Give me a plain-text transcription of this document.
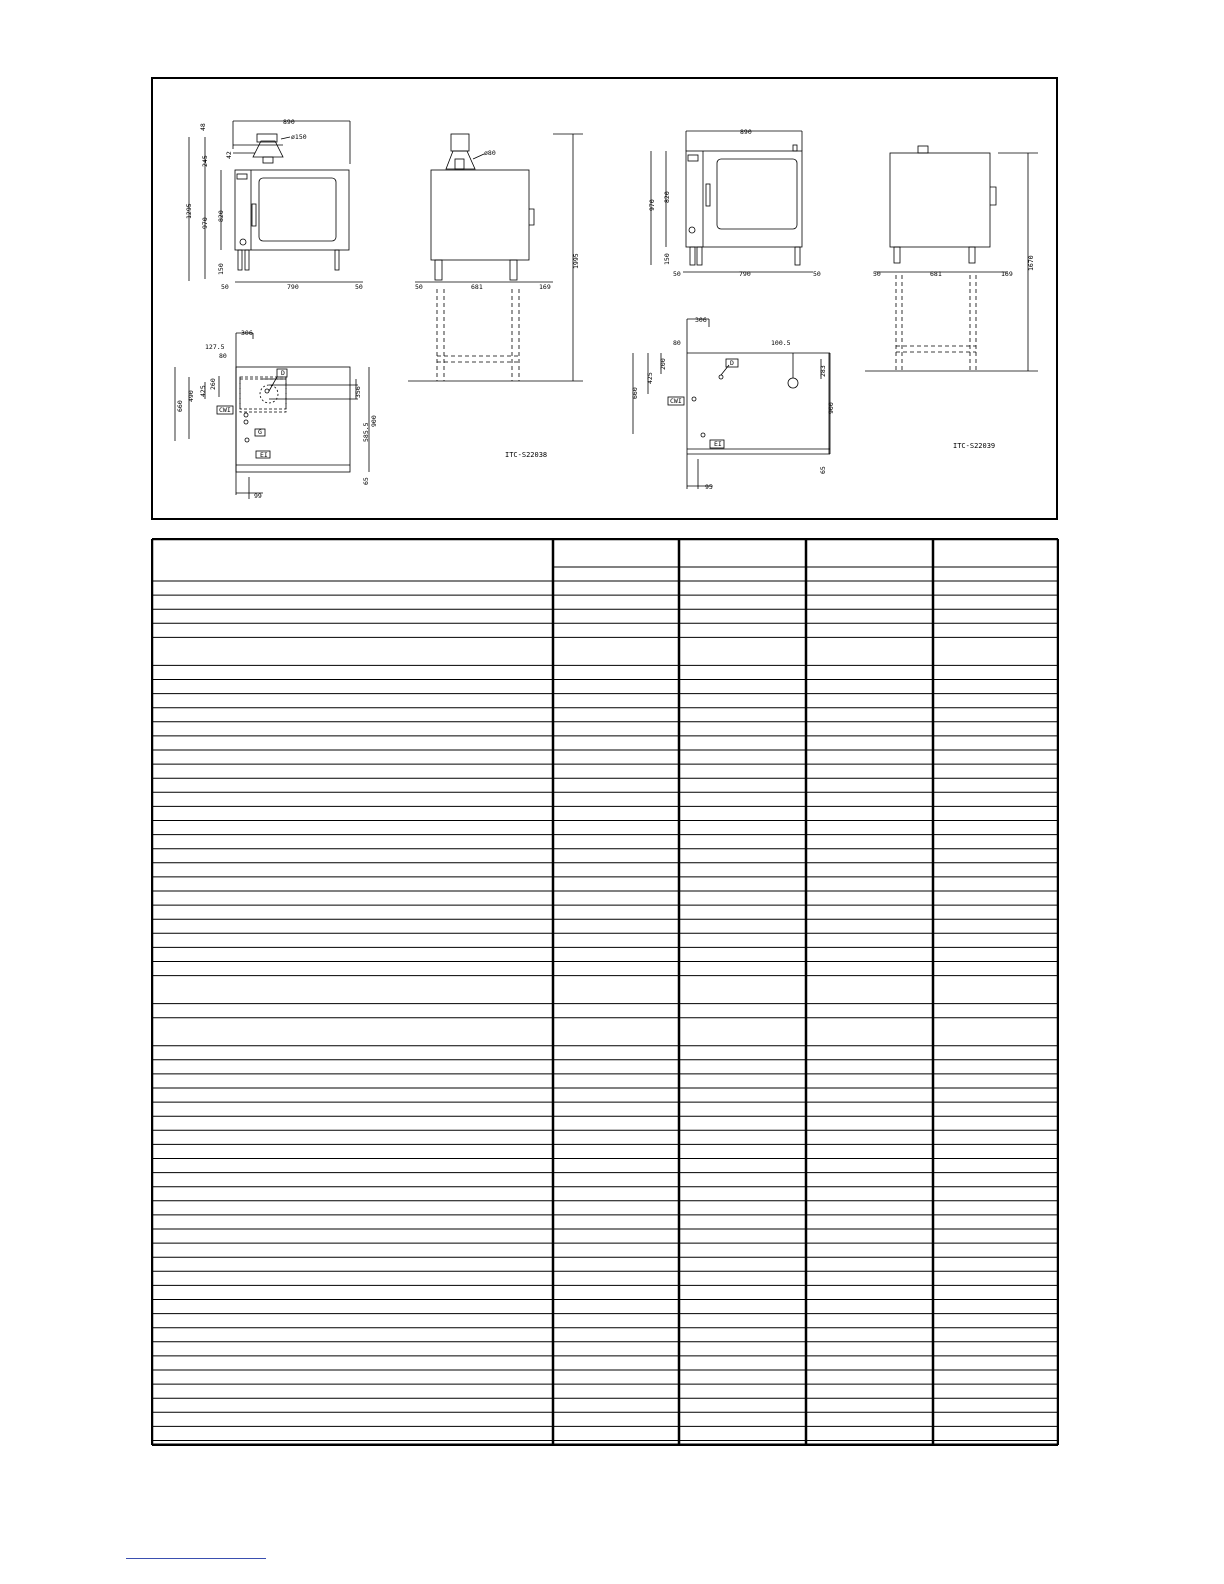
890
ø150
48
245
42
1295
970
820
150
50	790	50
ø80
1995
50	681	169
890
970
820
150
50	790	50
1670
50	681	169
306
127.5
80
D
CWI
G
EI
660
490 425
260
356
585.5
900
65
99
306
80	100.5
D
CWI
EI
660
425
200
283
900
65
95
ITC-S22038
ITC-S22039
